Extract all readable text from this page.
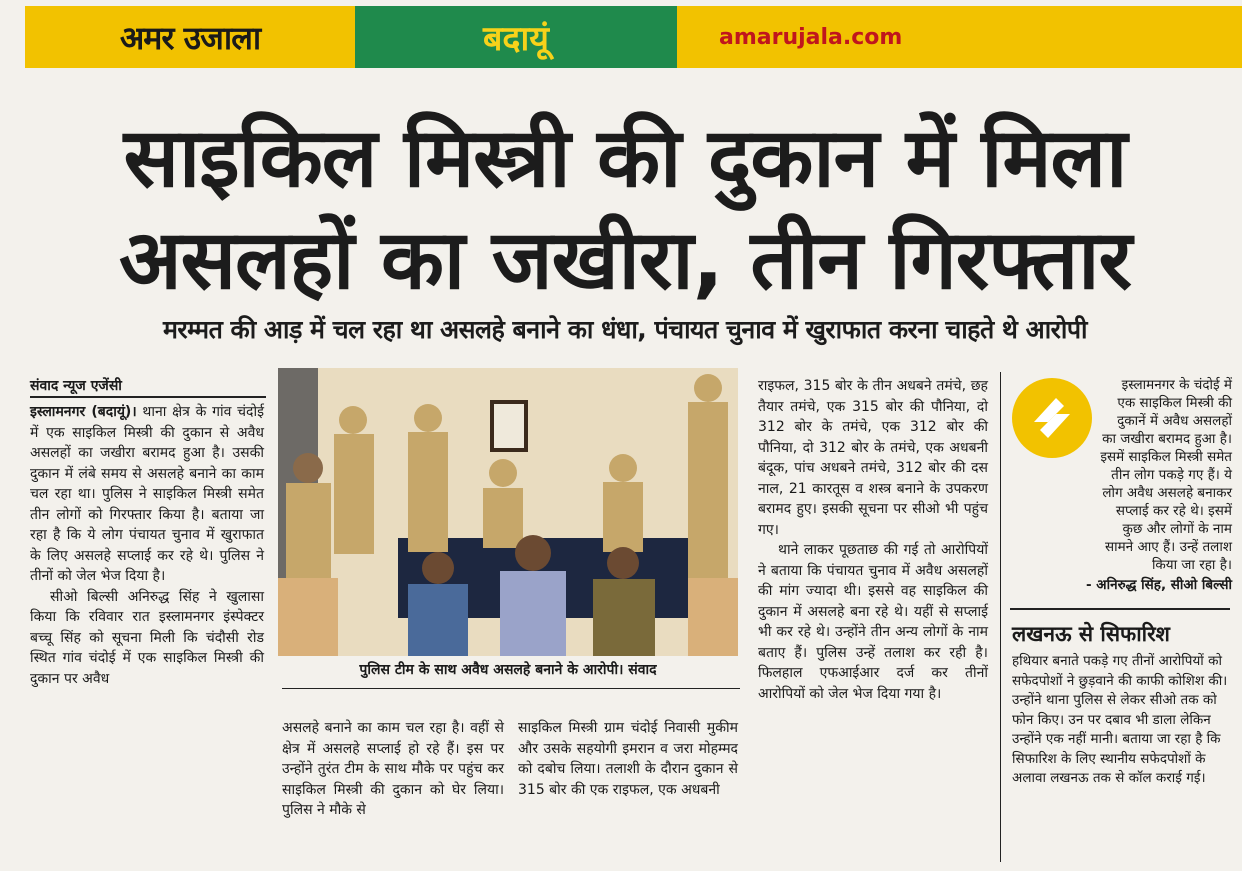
अमर उजाला	बदायूं	amarujala.com
साइकिल मिस्त्री की दुकान में मिला
असलहों का जखीरा, तीन गिरफ्तार
मरम्मत की आड़ में चल रहा था असलहे बनाने का धंधा, पंचायत चुनाव में खुराफात करना चाहते थे आरोपी
संवाद न्यूज एजेंसी

इस्लामनगर (बदायूं)। थाना क्षेत्र के गांव चंदोई में एक साइकिल मिस्त्री की दुकान से अवैध असलहों का जखीरा बरामद हुआ है। उसकी दुकान में लंबे समय से असलहे बनाने का काम चल रहा था। पुलिस ने साइकिल मिस्त्री समेत तीन लोगों को गिरफ्तार किया है। बताया जा रहा है कि ये लोग पंचायत चुनाव में खुराफात के लिए असलहे सप्लाई कर रहे थे। पुलिस ने तीनों को जेल भेज दिया है।

सीओ बिल्सी अनिरुद्ध सिंह ने खुलासा किया कि रविवार रात इस्लामनगर इंस्पेक्टर बच्चू सिंह को सूचना मिली कि चंदौसी रोड स्थित गांव चंदोई में एक साइकिल मिस्त्री की दुकान पर अवैध

पुलिस टीम के साथ अवैध असलहे बनाने के आरोपी। संवाद

असलहे बनाने का काम चल रहा है। वहीं से क्षेत्र में असलहे सप्लाई हो रहे हैं। इस पर उन्होंने तुरंत टीम के साथ मौके पर पहुंच कर साइकिल मिस्त्री की दुकान को घेर लिया। पुलिस ने मौके से

साइकिल मिस्त्री ग्राम चंदोई निवासी मुकीम और उसके सहयोगी इमरान व जरा मोहम्मद को दबोच लिया। तलाशी के दौरान दुकान से 315 बोर की एक राइफल, एक अधबनी

राइफल, 315 बोर के तीन अधबने तमंचे, छह तैयार तमंचे, एक 315 बोर की पौनिया, दो 312 बोर के तमंचे, एक 312 बोर की पौनिया, दो 312 बोर के तमंचे, एक अधबनी बंदूक, पांच अधबने तमंचे, 312 बोर की दस नाल, 21 कारतूस व शस्त्र बनाने के उपकरण बरामद हुए। इसकी सूचना पर सीओ भी पहुंच गए।

थाने लाकर पूछताछ की गई तो आरोपियों ने बताया कि पंचायत चुनाव में अवैध असलहों की मांग ज्यादा थी। इससे वह साइकिल की दुकान में असलहे बना रहे थे। यहीं से सप्लाई भी कर रहे थे। उन्होंने तीन अन्य लोगों के नाम बताए हैं। पुलिस उन्हें तलाश कर रही है। फिलहाल एफआईआर दर्ज कर तीनों आरोपियों को जेल भेज दिया गया है।

इस्लामनगर के चंदोई में एक साइकिल मिस्त्री की दुकानें में अवैध असलहों का जखीरा बरामद हुआ है। इसमें साइकिल मिस्त्री समेत तीन लोग पकड़े गए हैं। ये लोग अवैध असलहे बनाकर सप्लाई कर रहे थे। इसमें कुछ और लोगों के नाम सामने आए हैं। उन्हें तलाश किया जा रहा है।
- अनिरुद्ध सिंह, सीओ बिल्सी
लखनऊ से सिफारिश
हथियार बनाते पकड़े गए तीनों आरोपियों को सफेदपोशों ने छुड़वाने की काफी कोशिश की। उन्होंने थाना पुलिस से लेकर सीओ तक को फोन किए। उन पर दबाव भी डाला लेकिन उन्होंने एक नहीं मानी। बताया जा रहा है कि सिफारिश के लिए स्थानीय सफेदपोशों के अलावा लखनऊ तक से कॉल कराई गई।
